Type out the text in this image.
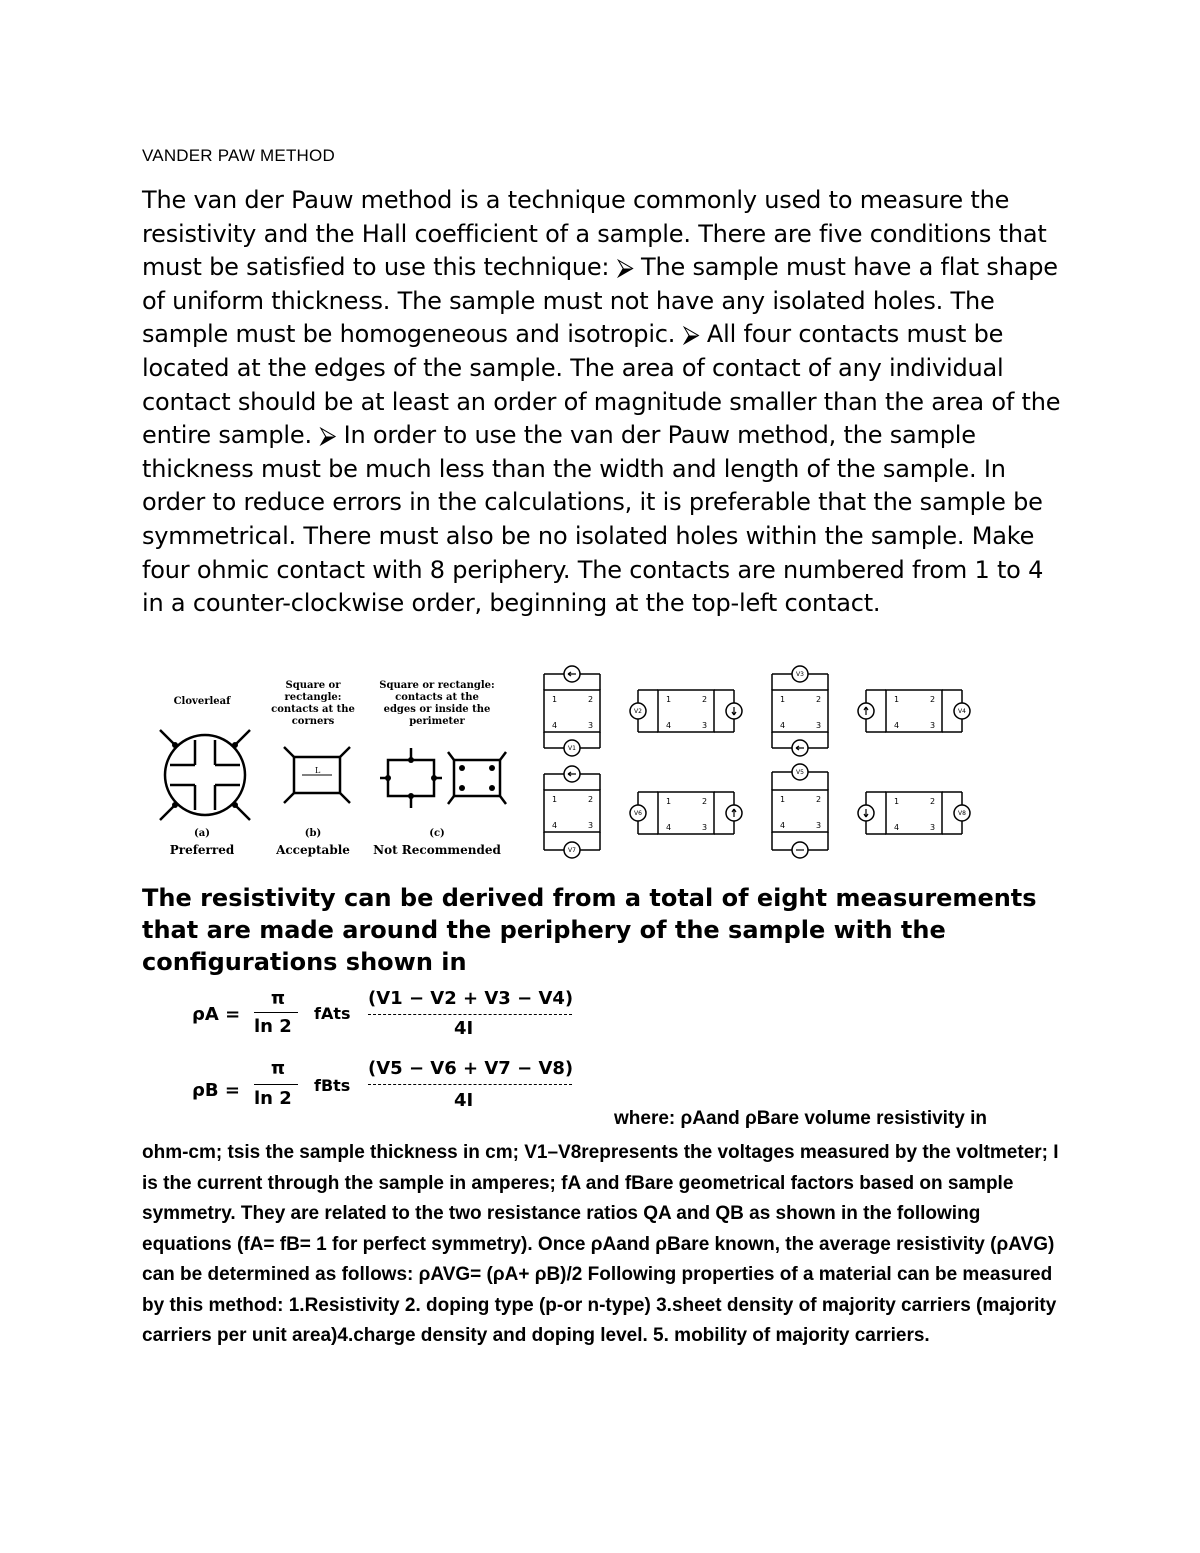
VANDER PAW METHOD
The van der Pauw method is a technique commonly used to measure the resistivity and the Hall coefficient of a sample. There are five conditions that must be satisfied to use this technique: ⮚ The sample must have a flat shape of uniform thickness. The sample must not have any isolated holes. The sample must be homogeneous and isotropic. ⮚ All four contacts must be located at the edges of the sample. The area of contact of any individual contact should be at least an order of magnitude smaller than the area of the entire sample. ⮚ In order to use the van der Pauw method, the sample thickness must be much less than the width and length of the sample. In order to reduce errors in the calculations, it is preferable that the sample be symmetrical. There must also be no isolated holes within the sample. Make four ohmic contact with 8 periphery. The contacts are numbered from 1 to 4 in a counter-clockwise order, beginning at the top-left contact.
Cloverleaf
(a)
Preferred
Square or rectangle: contacts at the corners
L
(b)
Acceptable
Square or rectangle: contacts at the edges or inside the perimeter
(c)
Not Recommended
1	2
4	3
1	2
4	3
1	2
4	3
1	2
4	3
1	2
4	3
1	2
4	3
1	2
4	3
1	2
4	3
V1
V2
V3
V4
V5
V6
V7
V8
The resistivity can be derived from a total of eight measurements that are made around the periphery of the sample with the configurations shown in
ρA =
π
ln 2
fAts
(V1 − V2 + V3 − V4)
4I
ρB =
π
ln 2
fBts
(V5 − V6 + V7 − V8)
4I
where: ρAand ρBare volume resistivity in
ohm-cm; tsis the sample thickness in cm; V1–V8represents the voltages measured by the voltmeter; I is the current through the sample in amperes; fA and fBare geometrical factors based on sample symmetry. They are related to the two resistance ratios QA and QB as shown in the following equations (fA= fB= 1 for perfect symmetry). Once ρAand ρBare known, the average resistivity (ρAVG) can be determined as follows: ρAVG= (ρA+ ρB)/2 Following properties of a material can be measured by this method: 1.Resistivity 2. doping type (p-or n-type) 3.sheet density of majority carriers (majority carriers per unit area)4.charge density and doping level. 5. mobility of majority carriers.
